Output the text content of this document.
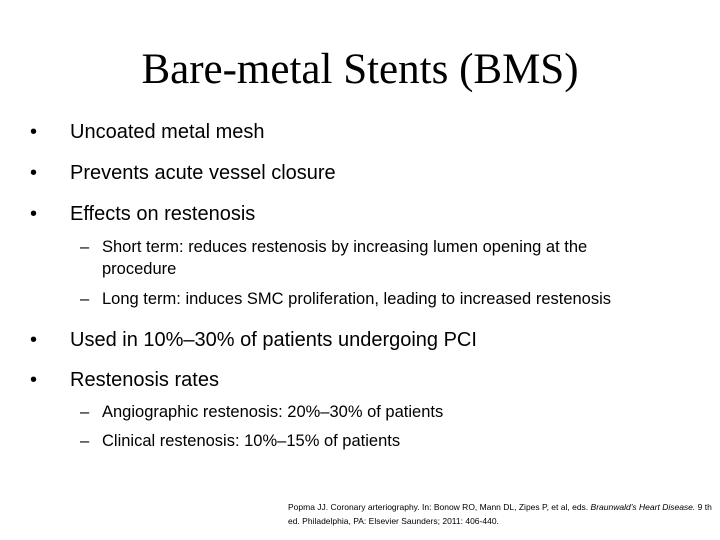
Bare-metal Stents (BMS)
• Uncoated metal mesh
• Prevents acute vessel closure
• Effects on restenosis
– Short term: reduces restenosis by increasing lumen opening at the procedure
– Long term: induces SMC proliferation, leading to increased restenosis
• Used in 10%–30% of patients undergoing PCI
• Restenosis rates
– Angiographic restenosis: 20%–30% of patients
– Clinical restenosis: 10%–15% of patients
Popma JJ. Coronary arteriography. In: Bonow RO, Mann DL, Zipes P, et al, eds. Braunwald’s Heart Disease. 9 th ed. Philadelphia, PA: Elsevier Saunders; 2011: 406-440.
